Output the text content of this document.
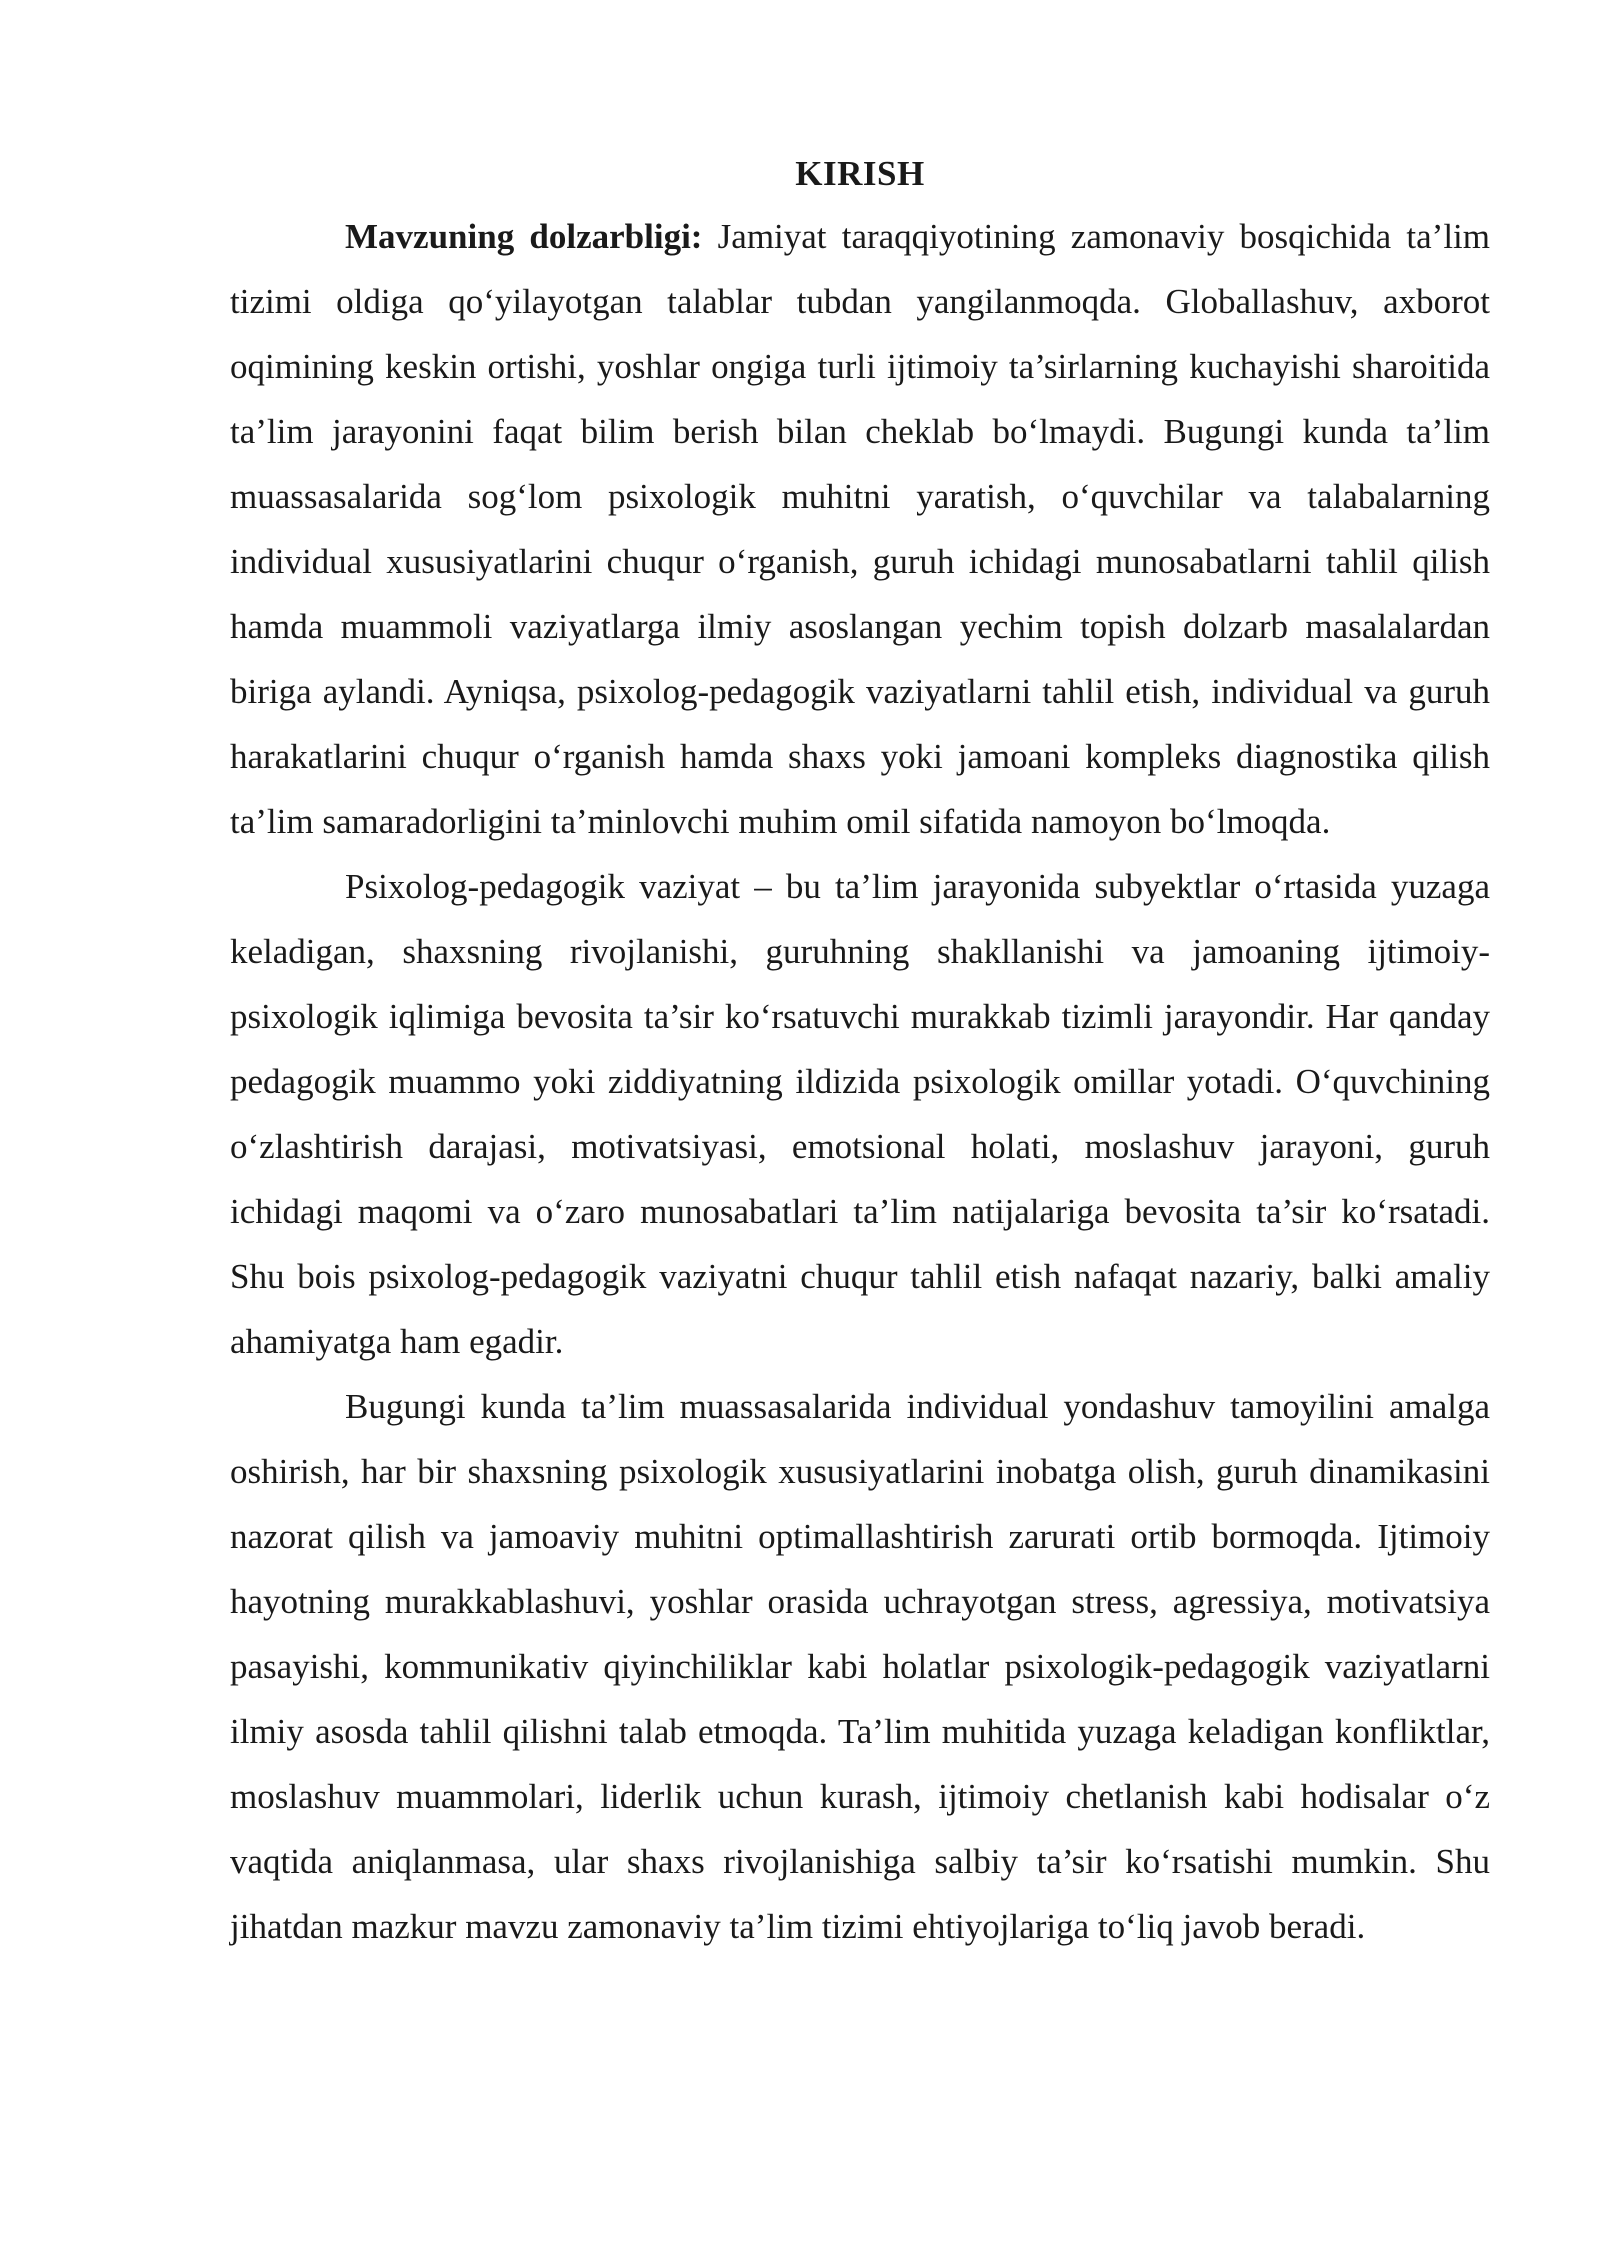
KIRISH

Mavzuning dolzarbligi: Jamiyat taraqqiyotining zamonaviy bosqichida ta’lim tizimi oldiga qo‘yilayotgan talablar tubdan yangilanmoqda. Globallashuv, axborot oqimining keskin ortishi, yoshlar ongiga turli ijtimoiy ta’sirlarning kuchayishi sharoitida ta’lim jarayonini faqat bilim berish bilan cheklab bo‘lmaydi. Bugungi kunda ta’lim muassasalarida sog‘lom psixologik muhitni yaratish, o‘quvchilar va talabalarning individual xususiyatlarini chuqur o‘rganish, guruh ichidagi munosabatlarni tahlil qilish hamda muammoli vaziyatlarga ilmiy asoslangan yechim topish dolzarb masalalardan biriga aylandi. Ayniqsa, psixolog-pedagogik vaziyatlarni tahlil etish, individual va guruh harakatlarini chuqur o‘rganish hamda shaxs yoki jamoani kompleks diagnostika qilish ta’lim samaradorligini ta’minlovchi muhim omil sifatida namoyon bo‘lmoqda.

Psixolog-pedagogik vaziyat – bu ta’lim jarayonida subyektlar o‘rtasida yuzaga keladigan, shaxsning rivojlanishi, guruhning shakllanishi va jamoaning ijtimoiy-psixologik iqlimiga bevosita ta’sir ko‘rsatuvchi murakkab tizimli jarayondir. Har qanday pedagogik muammo yoki ziddiyatning ildizida psixologik omillar yotadi. O‘quvchining o‘zlashtirish darajasi, motivatsiyasi, emotsional holati, moslashuv jarayoni, guruh ichidagi maqomi va o‘zaro munosabatlari ta’lim natijalariga bevosita ta’sir ko‘rsatadi. Shu bois psixolog-pedagogik vaziyatni chuqur tahlil etish nafaqat nazariy, balki amaliy ahamiyatga ham egadir.

Bugungi kunda ta’lim muassasalarida individual yondashuv tamoyilini amalga oshirish, har bir shaxsning psixologik xususiyatlarini inobatga olish, guruh dinamikasini nazorat qilish va jamoaviy muhitni optimallashtirish zarurati ortib bormoqda. Ijtimoiy hayotning murakkablashuvi, yoshlar orasida uchrayotgan stress, agressiya, motivatsiya pasayishi, kommunikativ qiyinchiliklar kabi holatlar psixologik-pedagogik vaziyatlarni ilmiy asosda tahlil qilishni talab etmoqda. Ta’lim muhitida yuzaga keladigan konfliktlar, moslashuv muammolari, liderlik uchun kurash, ijtimoiy chetlanish kabi hodisalar o‘z vaqtida aniqlanmasa, ular shaxs rivojlanishiga salbiy ta’sir ko‘rsatishi mumkin. Shu jihatdan mazkur mavzu zamonaviy ta’lim tizimi ehtiyojlariga to‘liq javob beradi.
